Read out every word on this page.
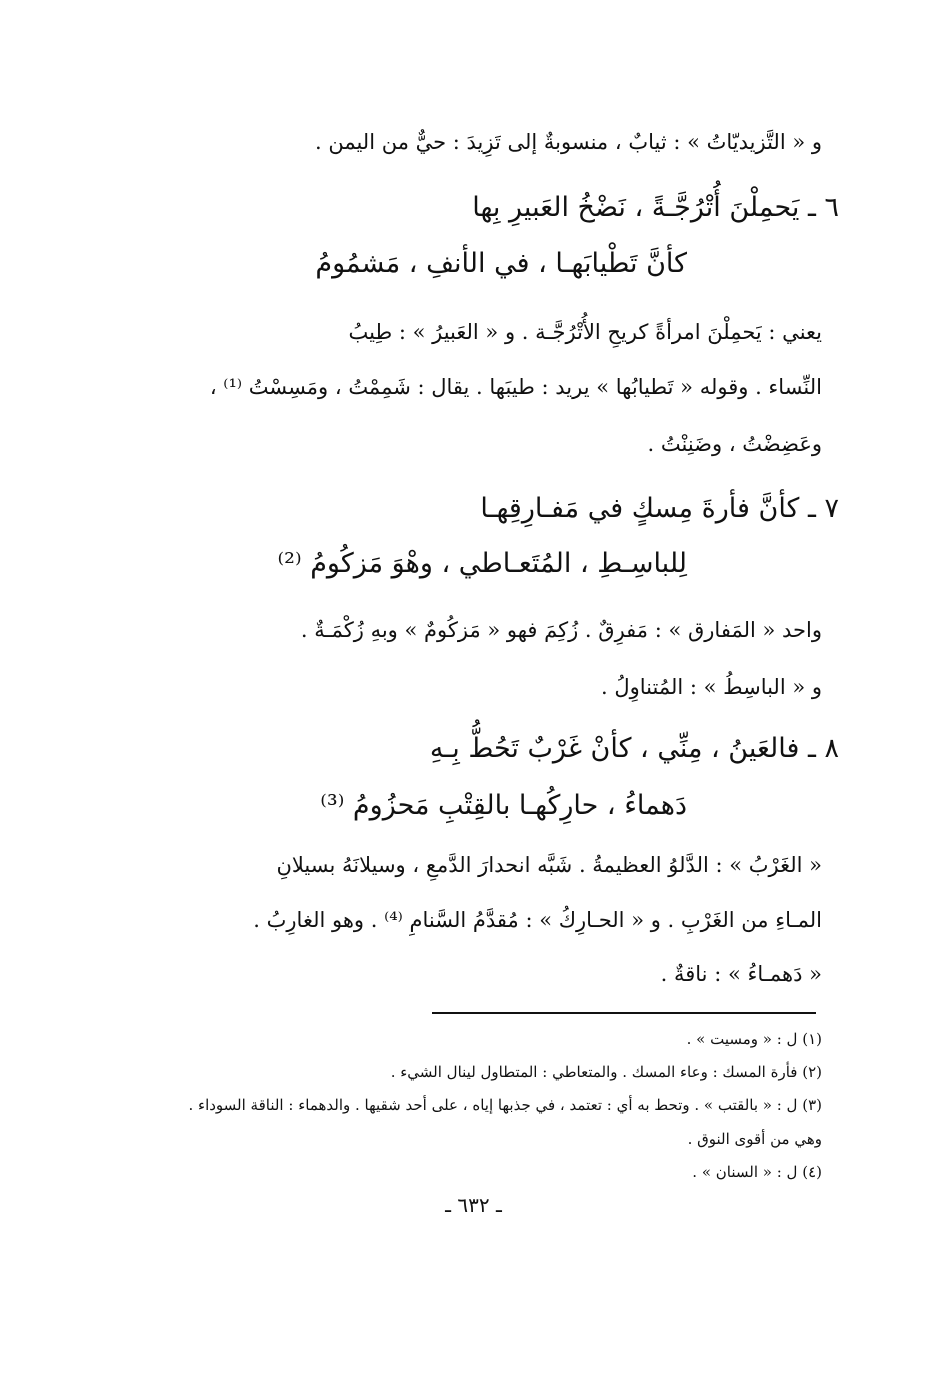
و « التَّزيديّاتُ » : ثيابٌ ، منسوبةٌ إلى تَزِيدَ : حيٌّ من اليمن .
٦ ـ يَحمِلْنَ أُتْرُجَّـةً ، نَضْخُ العَبيرِ بِها
كأنَّ تَطْيابَهـا ، في الأنفِ ، مَشمُومُ
يعني : يَحمِلْنَ امرأةً كريحِ الأُتْرُجَّـة . و « العَبيرُ » : طِيبُ
النِّساء . وقوله « تَطيابُها » يريد : طيبَها . يقال : شَمِمْتُ ، ومَسِسْتُ ⁽¹⁾ ،
وعَضِضْتُ ، وضَنِنْتُ .
٧ ـ كأنَّ فأرةَ مِسكٍ في مَفـارِقِهـا
لِلباسِـطِ ، المُتَعـاطي ، وهْوَ مَزكُومُ ⁽²⁾
واحد « المَفارق » : مَفرِقٌ . زُكِمَ فهو « مَزكُومٌ » وبهِ زُكْمَـةٌ .
و « الباسِطُ » : المُتناوِلُ .
٨ ـ فالعَينُ ، مِنِّي ، كأنْ غَرْبٌ تَحُطُّ بِـهِ
دَهماءُ ، حارِكُهـا بالقِتْبِ مَحزُومُ ⁽³⁾
« الغَرْبُ » : الدَّلوُ العظيمةُ . شَبَّه انحدارَ الدَّمعِ ، وسيلانَهُ بسيلانِ
المـاءِ من الغَرْبِ . و « الحـارِكُ » : مُقدَّمُ السَّنامِ ⁽⁴⁾ . وهو الغارِبُ .
« دَهمـاءُ » : ناقةٌ .
(١) ل : « ومسيت » .
(٢) فأرة المسك : وعاء المسك . والمتعاطي : المتطاول لينال الشيء .
(٣) ل : « بالقتب » . وتحط به أي : تعتمد ، في جذبها إياه ، على أحد شقيها . والدهماء : الناقة السوداء .
وهي من أقوى النوق .
(٤) ل : « السنان » .
ـ ٦٣٢ ـ
